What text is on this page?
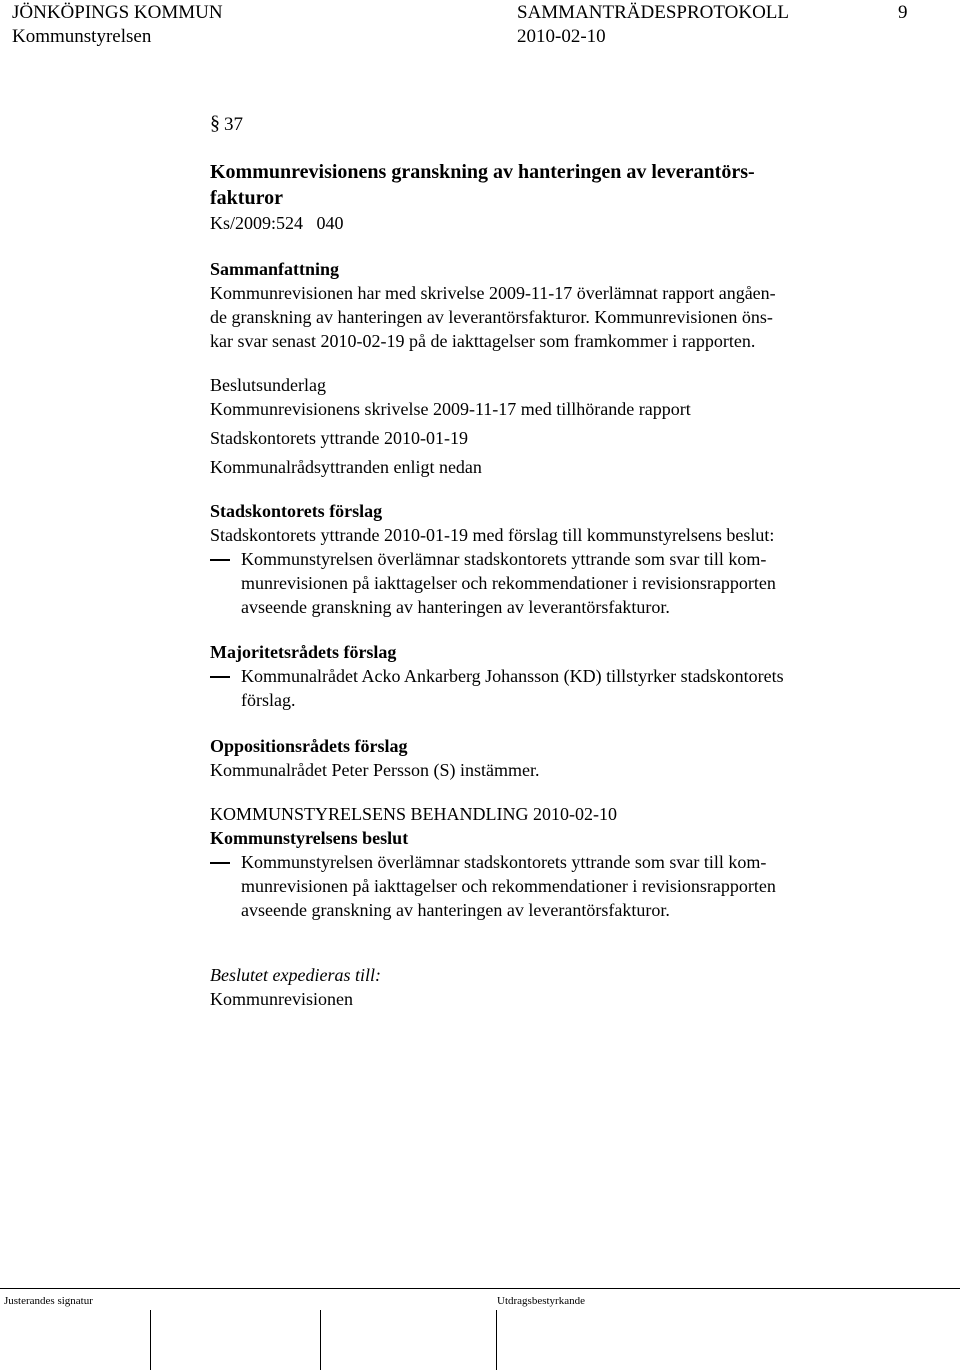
JÖNKÖPINGS KOMMUN
Kommunstyrelsen
SAMMANTRÄDESPROTOKOLL
2010-02-10
9
§ 37
Kommunrevisionens granskning av hanteringen av leverantörs-
fakturor
Ks/2009:524   040
Sammanfattning
Kommunrevisionen har med skrivelse 2009-11-17 överlämnat rapport angåen-
de granskning av hanteringen av leverantörsfakturor. Kommunrevisionen öns-
kar svar senast 2010-02-19 på de iakttagelser som framkommer i rapporten.
Beslutsunderlag
Kommunrevisionens skrivelse 2009-11-17 med tillhörande rapport
Stadskontorets yttrande 2010-01-19
Kommunalrådsyttranden enligt nedan
Stadskontorets förslag
Stadskontorets yttrande 2010-01-19 med förslag till kommunstyrelsens beslut:
Kommunstyrelsen överlämnar stadskontorets yttrande som svar till kom-
munrevisionen på iakttagelser och rekommendationer i revisionsrapporten
avseende granskning av hanteringen av leverantörsfakturor.
Majoritetsrådets förslag
Kommunalrådet Acko Ankarberg Johansson (KD) tillstyrker stadskontorets
förslag.
Oppositionsrådets förslag
Kommunalrådet Peter Persson (S) instämmer.
KOMMUNSTYRELSENS BEHANDLING 2010-02-10
Kommunstyrelsens beslut
Kommunstyrelsen överlämnar stadskontorets yttrande som svar till kom-
munrevisionen på iakttagelser och rekommendationer i revisionsrapporten
avseende granskning av hanteringen av leverantörsfakturor.
Beslutet expedieras till:
Kommunrevisionen
Justerandes signatur	Utdragsbestyrkande
